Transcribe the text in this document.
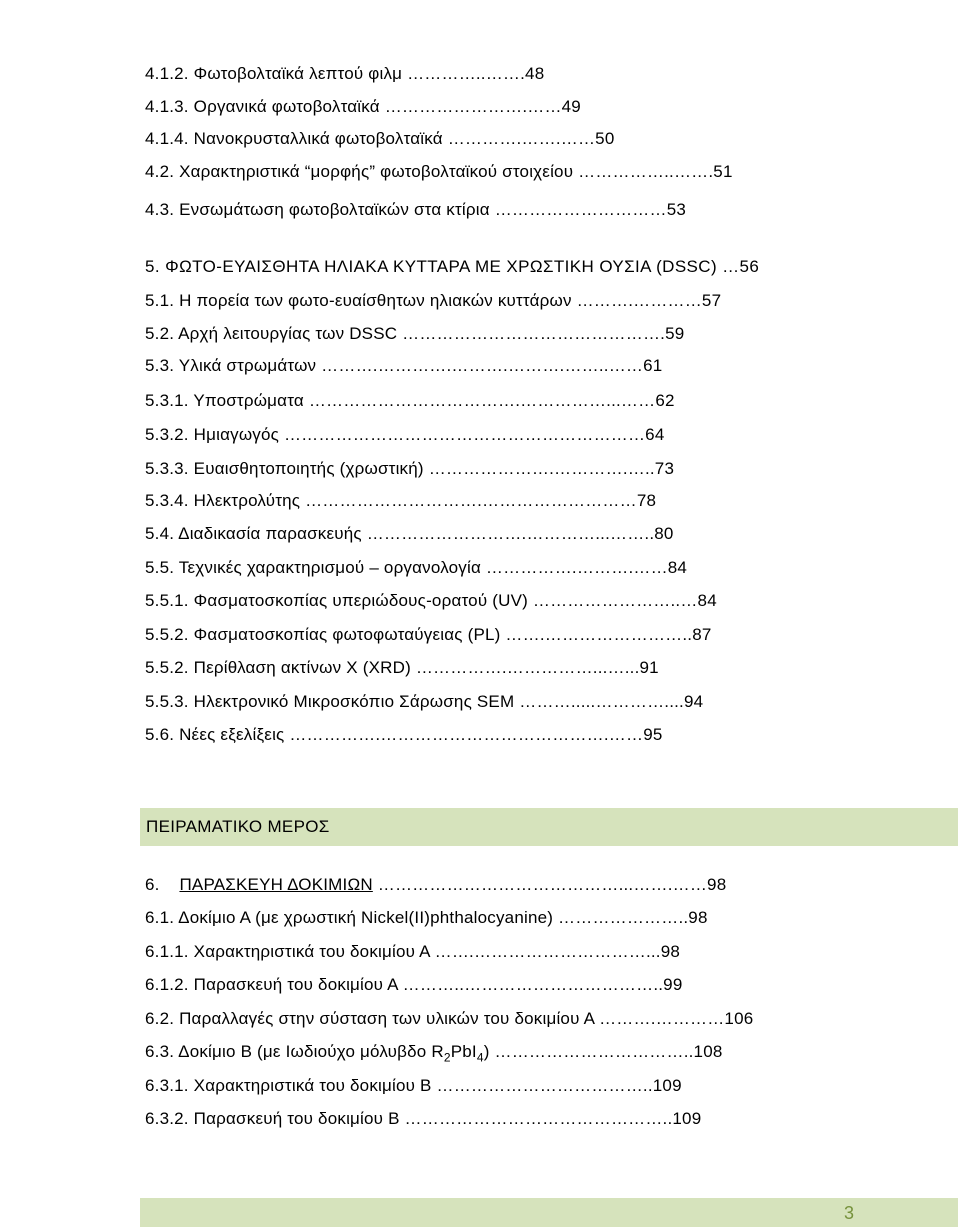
4.1.2. Φωτοβολταϊκά λεπτού φιλμ …………..…….48
4.1.3. Οργανικά φωτοβολταϊκά …………………….……49
4.1.4. Νανοκρυσταλλικά φωτοβολταϊκά ………….…….……50
4.2. Χαρακτηριστικά “μορφής” φωτοβολταϊκού στοιχείου ……………..…….51
4.3. Ενσωμάτωση φωτοβολταϊκών στα κτίρια …………………………53
5. ΦΩΤΟ-ΕΥΑΙΣΘΗΤΑ ΗΛΙΑΚΑ ΚΥΤΤΑΡΑ ΜΕ ΧΡΩΣΤΙΚΗ ΟΥΣΙΑ (DSSC) …56
5.1. Η πορεία των φωτο-ευαίσθητων ηλιακών κυττάρων ……….…………57
5.2. Αρχή λειτουργίας των DSSC ……………………………………….59
5.3. Υλικά στρωμάτων ……….………….……….……….……..……61
5.3.1. Υποστρώματα ……………………………….……………...……62
5.3.2. Ημιαγωγός ………………………………………………………64
5.3.3. Ευαισθητοποιητής (χρωστική) ………………….………….…..73
5.3.4. Ηλεκτρολύτης ………………………….………………………78
5.4. Διαδικασία παρασκευής ……………………….…………...……..80
5.5. Τεχνικές χαρακτηρισμού – οργανολογία …………….……….……84
5.5.1. Φασματοσκοπίας υπεριώδους-ορατού (UV) ……………………..…84
5.5.2. Φασματοσκοπίας φωτοφωταύγειας (PL) …….……………………..87
5.5.2. Περίθλαση ακτίνων X (XRD) …………….……………...…...91
5.5.3. Ηλεκτρονικό Μικροσκόπιο Σάρωσης SEM ……….....…………....94
5.6. Νέες εξελίξεις …………….………………………………….……95
ΠΕΙΡΑΜΑΤΙΚΟ ΜΕΡΟΣ
6. ΠΑΡΑΣΚΕΥΗ ΔΟΚΙΜΙΩΝ ……………………………………...…….……98
6.1. Δοκίμιο Α (με χρωστική Nickel(II)phthalocyanine) …………………..98
6.1.1. Χαρακτηριστικά του δοκιμίου Α …….…………………………...98
6.1.2. Παρασκευή του δοκιμίου Α ………..……………………………..99
6.2. Παραλλαγές στην σύσταση των υλικών του δοκιμίου Α ……….…………106
6.3. Δοκίμιο Β (με Ιωδιούχο μόλυβδο $R_2PbI_4$) ……………………………..108
6.3.1. Χαρακτηριστικά του δοκιμίου Β ………………………………..109
6.3.2. Παρασκευή του δοκιμίου Β ………………………………………..109
3
